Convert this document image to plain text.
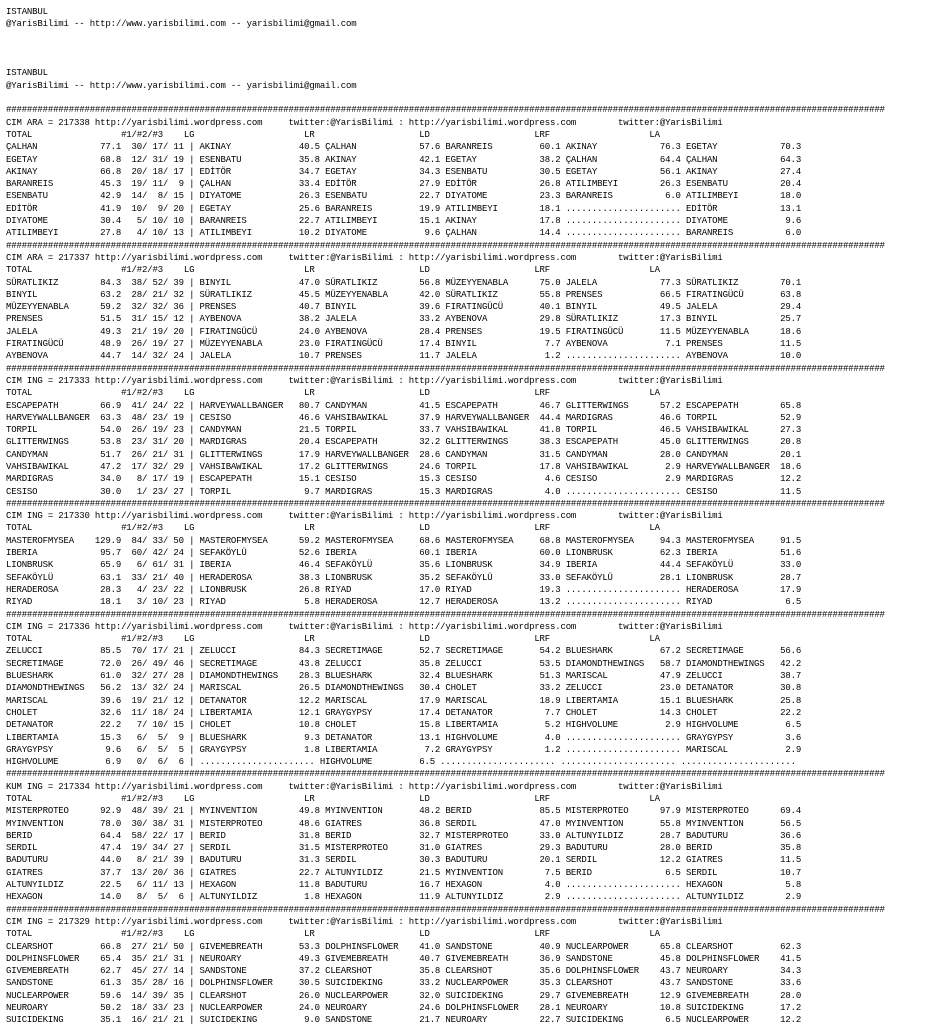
ISTANBUL
@YarisBilimi -- http://www.yarisbilimi.com -- yarisbilimi@gmail.com
ISTANBUL
@YarisBilimi -- http://www.yarisbilimi.com -- yarisbilimi@gmail.com
########################################################################################################################################################################
CIM ARA = 217338 http://yarisbilimi.wordpress.com     twitter:@YarisBilimi : http://yarisbilimi.wordpress.com        twitter:@YarisBilimi
TOTAL                 #1/#2/#3    LG                     LR                    LD                    LRF                   LA
ÇALHAN            77.1  30/ 17/ 11 | AKINAY             40.5 ÇALHAN            57.6 BARANREIS         60.1 AKINAY            76.3 EGETAY            70.3
EGETAY            68.8  12/ 31/ 19 | ESENBATU           35.8 AKINAY            42.1 EGETAY            38.2 ÇALHAN            64.4 ÇALHAN            64.3
AKINAY            66.8  20/ 18/ 17 | EDİTÖR             34.7 EGETAY            34.3 ESENBATU          30.5 EGETAY            56.1 AKINAY            27.4
BARANREIS         45.3  19/ 11/  9 | ÇALHAN             33.4 EDİTÖR            27.9 EDİTÖR            26.8 ATILIMBEYI        26.3 ESENBATU          20.4
ESENBATU          42.9  14/  8/ 15 | DIYATOME           26.3 ESENBATU          22.7 DIYATOME          23.3 BARANREIS          6.0 ATILIMBEYI        18.0
EDİTÖR            41.9  10/  9/ 20 | EGETAY             25.6 BARANREIS         19.9 ATILIMBEYI        18.1 ...................... EDİTÖR            13.1
DIYATOME          30.4   5/ 10/ 10 | BARANREIS          22.7 ATILIMBEYI        15.1 AKINAY            17.8 ...................... DIYATOME           9.6
ATILIMBEYI        27.8   4/ 10/ 13 | ATILIMBEYI         10.2 DIYATOME           9.6 ÇALHAN            14.4 ...................... BARANREIS          6.0
########################################################################################################################################################################
CIM ARA = 217337 http://yarisbilimi.wordpress.com     twitter:@YarisBilimi : http://yarisbilimi.wordpress.com        twitter:@YarisBilimi
TOTAL                 #1/#2/#3    LG                     LR                    LD                    LRF                   LA
SÜRATLIKIZ        84.3  38/ 52/ 39 | BINYIL             47.0 SÜRATLIKIZ        56.8 MÜZEYYENABLA      75.0 JALELA            77.3 SÜRATLIKIZ        70.1
BINYIL            63.2  28/ 21/ 32 | SÜRATLIKIZ         45.5 MÜZEYYENABLA      42.0 SÜRATLIKIZ        55.8 PRENSES           66.5 FIRATINGÜCÜ       63.8
MÜZEYYENABLA      59.2  32/ 32/ 36 | PRENSES            40.7 BINYIL            39.6 FIRATINGÜCÜ       40.1 BINYIL            49.5 JALELA            29.4
PRENSES           51.5  31/ 15/ 12 | AYBENOVA           38.2 JALELA            33.2 AYBENOVA          29.8 SÜRATLIKIZ        17.3 BINYIL            25.7
JALELA            49.3  21/ 19/ 20 | FIRATINGÜCÜ        24.0 AYBENOVA          28.4 PRENSES           19.5 FIRATINGÜCÜ       11.5 MÜZEYYENABLA      18.6
FIRATINGÜCÜ       48.9  26/ 19/ 27 | MÜZEYYENABLA       23.0 FIRATINGÜCÜ       17.4 BINYIL             7.7 AYBENOVA           7.1 PRENSES           11.5
AYBENOVA          44.7  14/ 32/ 24 | JALELA             10.7 PRENSES           11.7 JALELA             1.2 ...................... AYBENOVA          10.0
########################################################################################################################################################################
CIM ING = 217333 http://yarisbilimi.wordpress.com     twitter:@YarisBilimi : http://yarisbilimi.wordpress.com        twitter:@YarisBilimi
TOTAL                 #1/#2/#3    LG                     LR                    LD                    LRF                   LA
ESCAPEPATH        66.9  41/ 24/ 22 | HARVEYWALLBANGER   80.7 CANDYMAN          41.5 ESCAPEPATH        46.7 GLITTERWINGS      57.2 ESCAPEPATH        65.8
HARVEYWALLBANGER  63.3  48/ 23/ 19 | CESISO             46.6 VAHSIBAWIKAL      37.9 HARVEYWALLBANGER  44.4 MARDIGRAS         46.6 TORPIL            52.9
TORPIL            54.0  26/ 19/ 23 | CANDYMAN           21.5 TORPIL            33.7 VAHSIBAWIKAL      41.8 TORPIL            46.5 VAHSIBAWIKAL      27.3
GLITTERWINGS      53.8  23/ 31/ 20 | MARDIGRAS          20.4 ESCAPEPATH        32.2 GLITTERWINGS      38.3 ESCAPEPATH        45.0 GLITTERWINGS      20.8
CANDYMAN          51.7  26/ 21/ 31 | GLITTERWINGS       17.9 HARVEYWALLBANGER  28.6 CANDYMAN          31.5 CANDYMAN          28.0 CANDYMAN          20.1
VAHSIBAWIKAL      47.2  17/ 32/ 29 | VAHSIBAWIKAL       17.2 GLITTERWINGS      24.6 TORPIL            17.8 VAHSIBAWIKAL       2.9 HARVEYWALLBANGER  18.6
MARDIGRAS         34.0   8/ 17/ 19 | ESCAPEPATH         15.1 CESISO            15.3 CESISO             4.6 CESISO             2.9 MARDIGRAS         12.2
CESISO            30.0   1/ 23/ 27 | TORPIL              9.7 MARDIGRAS         15.3 MARDIGRAS          4.0 ...................... CESISO            11.5
########################################################################################################################################################################
CIM ING = 217330 http://yarisbilimi.wordpress.com     twitter:@YarisBilimi : http://yarisbilimi.wordpress.com        twitter:@YarisBilimi
TOTAL                 #1/#2/#3    LG                     LR                    LD                    LRF                   LA
MASTEROFMYSEA    129.9  84/ 33/ 50 | MASTEROFMYSEA      59.2 MASTEROFMYSEA     68.6 MASTEROFMYSEA     68.8 MASTEROFMYSEA     94.3 MASTEROFMYSEA     91.5
IBERIA            95.7  60/ 42/ 24 | SEFAKÖYLÜ          52.6 IBERIA            60.1 IBERIA            60.0 LIONBRUSK         62.3 IBERIA            51.6
LIONBRUSK         65.9   6/ 61/ 31 | IBERIA             46.4 SEFAKÖYLÜ         35.6 LIONBRUSK         34.9 IBERIA            44.4 SEFAKÖYLÜ         33.0
SEFAKÖYLÜ         63.1  33/ 21/ 40 | HERADEROSA         38.3 LIONBRUSK         35.2 SEFAKÖYLÜ         33.0 SEFAKÖYLÜ         28.1 LIONBRUSK         28.7
HERADEROSA        28.3   4/ 23/ 22 | LIONBRUSK          26.8 RIYAD             17.0 RIYAD             19.3 ...................... HERADEROSA        17.9
RIYAD             18.1   3/ 10/ 23 | RIYAD               5.8 HERADEROSA        12.7 HERADEROSA        13.2 ...................... RIYAD              6.5
########################################################################################################################################################################
CIM ING = 217336 http://yarisbilimi.wordpress.com     twitter:@YarisBilimi : http://yarisbilimi.wordpress.com        twitter:@YarisBilimi
TOTAL                 #1/#2/#3    LG                     LR                    LD                    LRF                   LA
ZELUCCI           85.5  70/ 17/ 21 | ZELUCCI            84.3 SECRETIMAGE       52.7 SECRETIMAGE       54.2 BLUESHARK         67.2 SECRETIMAGE       56.6
SECRETIMAGE       72.0  26/ 49/ 46 | SECRETIMAGE        43.8 ZELUCCI           35.8 ZELUCCI           53.5 DIAMONDTHEWINGS   58.7 DIAMONDTHEWINGS   42.2
BLUESHARK         61.0  32/ 27/ 28 | DIAMONDTHEWINGS    28.3 BLUESHARK         32.4 BLUESHARK         51.3 MARISCAL          47.9 ZELUCCI           38.7
DIAMONDTHEWINGS   56.2  13/ 32/ 24 | MARISCAL           26.5 DIAMONDTHEWINGS   30.4 CHOLET            33.2 ZELUCCI           23.0 DETANATOR         30.8
MARISCAL          39.6  19/ 21/ 12 | DETANATOR          12.2 MARISCAL          17.9 MARISCAL          18.9 LIBERTAMIA        15.1 BLUESHARK         25.8
CHOLET            32.6  11/ 18/ 24 | LIBERTAMIA         12.1 GRAYGYPSY         17.4 DETANATOR          7.7 CHOLET            14.3 CHOLET            22.2
DETANATOR         22.2   7/ 10/ 15 | CHOLET             10.8 CHOLET            15.8 LIBERTAMIA         5.2 HIGHVOLUME         2.9 HIGHVOLUME         6.5
LIBERTAMIA        15.3   6/  5/  9 | BLUESHARK           9.3 DETANATOR         13.1 HIGHVOLUME         4.0 ...................... GRAYGYPSY          3.6
GRAYGYPSY          9.6   6/  5/  5 | GRAYGYPSY           1.8 LIBERTAMIA         7.2 GRAYGYPSY          1.2 ...................... MARISCAL           2.9
HIGHVOLUME         6.9   0/  6/  6 | ...................... HIGHVOLUME         6.5 ...................... ...................... ......................
########################################################################################################################################################################
KUM ING = 217334 http://yarisbilimi.wordpress.com     twitter:@YarisBilimi : http://yarisbilimi.wordpress.com        twitter:@YarisBilimi
TOTAL                 #1/#2/#3    LG                     LR                    LD                    LRF                   LA
MISTERPROTEO      92.9  48/ 39/ 21 | MYINVENTION        49.8 MYINVENTION       48.2 BERID             85.5 MISTERPROTEO      97.9 MISTERPROTEO      69.4
MYINVENTION       78.0  30/ 38/ 31 | MISTERPROTEO       48.6 GIATRES           36.8 SERDIL            47.0 MYINVENTION       55.8 MYINVENTION       56.5
BERID             64.4  58/ 22/ 17 | BERID              31.8 BERID             32.7 MISTERPROTEO      33.0 ALTUNYILDIZ       28.7 BADUTURU          36.6
SERDIL            47.4  19/ 34/ 27 | SERDIL             31.5 MISTERPROTEO      31.0 GIATRES           29.3 BADUTURU          28.0 BERID             35.8
BADUTURU          44.0   8/ 21/ 39 | BADUTURU           31.3 SERDIL            30.3 BADUTURU          20.1 SERDIL            12.2 GIATRES           11.5
GIATRES           37.7  13/ 20/ 36 | GIATRES            22.7 ALTUNYILDIZ       21.5 MYINVENTION        7.5 BERID              6.5 SERDIL            10.7
ALTUNYILDIZ       22.5   6/ 11/ 13 | HEXAGON            11.8 BADUTURU          16.7 HEXAGON            4.0 ...................... HEXAGON            5.8
HEXAGON           14.0   8/  5/  6 | ALTUNYILDIZ         1.8 HEXAGON           11.9 ALTUNYILDIZ        2.9 ...................... ALTUNYILDIZ        2.9
########################################################################################################################################################################
CIM ING = 217329 http://yarisbilimi.wordpress.com     twitter:@YarisBilimi : http://yarisbilimi.wordpress.com        twitter:@YarisBilimi
TOTAL                 #1/#2/#3    LG                     LR                    LD                    LRF                   LA
CLEARSHOT         66.8  27/ 21/ 50 | GIVEMEBREATH       53.3 DOLPHINSFLOWER    41.0 SANDSTONE         40.9 NUCLEARPOWER      65.8 CLEARSHOT         62.3
DOLPHINSFLOWER    65.4  35/ 21/ 31 | NEUROARY           49.3 GIVEMEBREATH      40.7 GIVEMEBREATH      36.9 SANDSTONE         45.8 DOLPHINSFLOWER    41.5
GIVEMEBREATH      62.7  45/ 27/ 14 | SANDSTONE          37.2 CLEARSHOT         35.8 CLEARSHOT         35.6 DOLPHINSFLOWER    43.7 NEUROARY          34.3
SANDSTONE         61.3  35/ 28/ 16 | DOLPHINSFLOWER     30.5 SUICIDEKING       33.2 NUCLEARPOWER      35.3 CLEARSHOT         43.7 SANDSTONE         33.6
NUCLEARPOWER      59.6  14/ 39/ 35 | CLEARSHOT          26.0 NUCLEARPOWER      32.0 SUICIDEKING       29.7 GIVEMEBREATH      12.9 GIVEMEBREATH      28.0
NEUROARY          50.2  18/ 33/ 23 | NUCLEARPOWER       24.0 NEUROARY          24.6 DOLPHINSFLOWER    28.1 NEUROARY          10.8 SUICIDEKING       17.2
SUICIDEKING       35.1  16/ 21/ 21 | SUICIDEKING         9.0 SANDSTONE         21.7 NEUROARY          22.7 SUICIDEKING        6.5 NUCLEARPOWER      12.2
